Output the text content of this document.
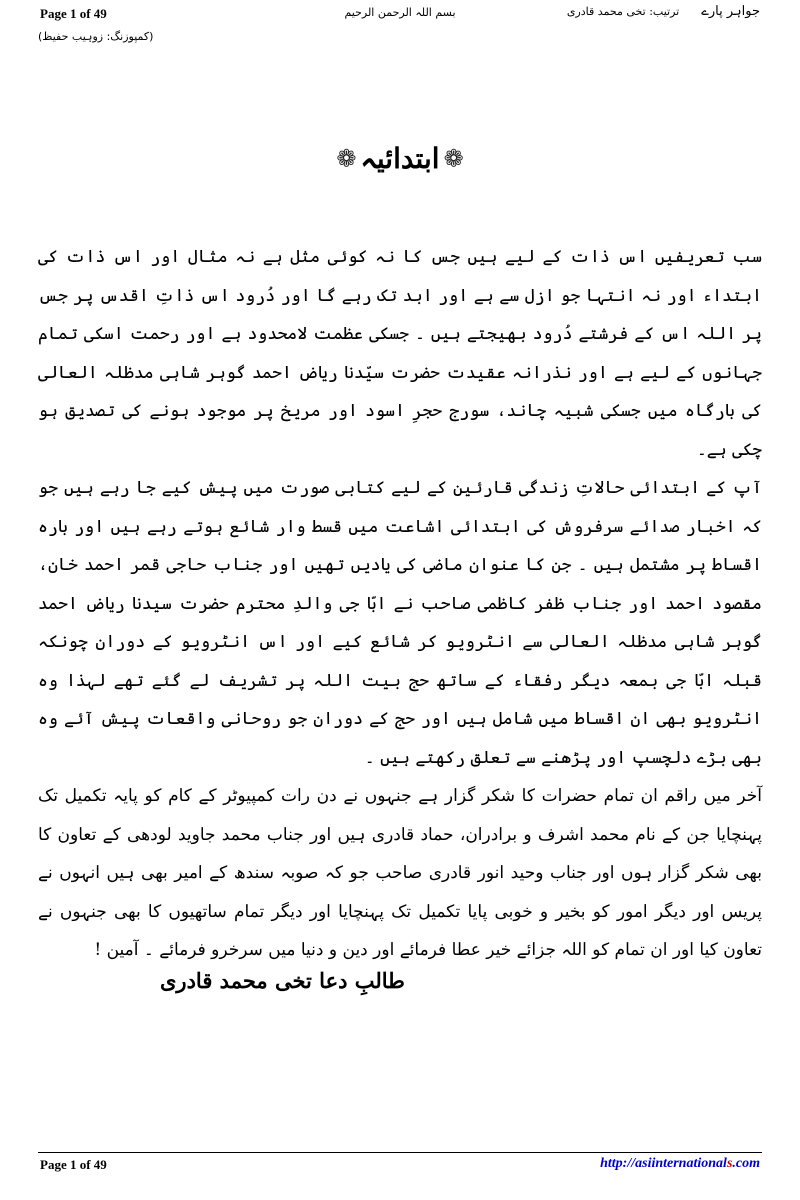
Page 1 of 49	بسم اللہ الرحمن الرحیم	جواہر پارےترتیب: تخی محمد قادری
(کمپوزنگ: زوہیب حفیظ)
❁ابتدائیہ❁

سب تعریفیں اس ذات کے لیے ہیں جس کا نہ کوئی مثل ہے نہ مثال اور اس ذات کی ابتداء اور نہ انتہا جو ازل سے ہے اور ابد تک رہے گا اور دُرود اس ذاتِ اقدس پر جس پر اللہ اس کے فرشتے دُرود بھیجتے ہیں ۔ جسکی عظمت لامحدود ہے اور رحمت اسکی تمام جہانوں کے لیے ہے اور نذرانہ عقیدت حضرت سیّدنا ریاض احمد گوہر شاہی مدظلہ العالی کی بارگاہ میں جسکی شبیہ چاند، سورج حجرِ اسود اور مریخ پر موجود ہونے کی تصدیق ہو چکی ہے۔

آپ کے ابتدائی حالاتِ زندگی قارئین کے لیے کتابی صورت میں پیش کیے جا رہے ہیں جو کہ اخبار صدائے سرفروش کی ابتدائی اشاعت میں قسط وار شائع ہوتے رہے ہیں اور بارہ اقساط پر مشتمل ہیں ۔ جن کا عنوان ماضی کی یادیں تھیں اور جناب حاجی قمر احمد خان، مقصود احمد اور جناب ظفر کاظمی صاحب نے ابّا جی والدِ محترم حضرت سیدنا ریاض احمد گوہر شاہی مدظلہ العالی سے انٹرویو کر شائع کیے اور اس انٹرویو کے دوران چونکہ قبلہ ابّا جی بمعہ دیگر رفقاء کے ساتھ حج بیت اللہ پر تشریف لے گئے تھے لہذا وہ انٹرویو بھی ان اقساط میں شامل ہیں اور حج کے دوران جو روحانی واقعات پیش آئے وہ بھی بڑے دلچسپ اور پڑھنے سے تعلق رکھتے ہیں ۔

آخر میں راقم ان تمام حضرات کا شکر گزار ہے جنہوں نے دن رات کمپیوٹر کے کام کو پایہ تکمیل تک پہنچایا جن کے نام محمد اشرف و برادران، حماد قادری ہیں اور جناب محمد جاوید لودھی کے تعاون کا بھی شکر گزار ہوں اور جناب وحید انور قادری صاحب جو کہ صوبہ سندھ کے امیر بھی ہیں انہوں نے پریس اور دیگر امور کو بخیر و خوبی پایا تکمیل تک پہنچایا اور دیگر تمام ساتھیوں کا بھی جنہوں نے تعاون کیا اور ان تمام کو اللہ جزائے خیر عطا فرمائے اور دین و دنیا میں سرخرو فرمائے ۔ آمین !

طالبِ دعا تخی محمد قادری
Page 1 of 49	http://asiinternationals.com
